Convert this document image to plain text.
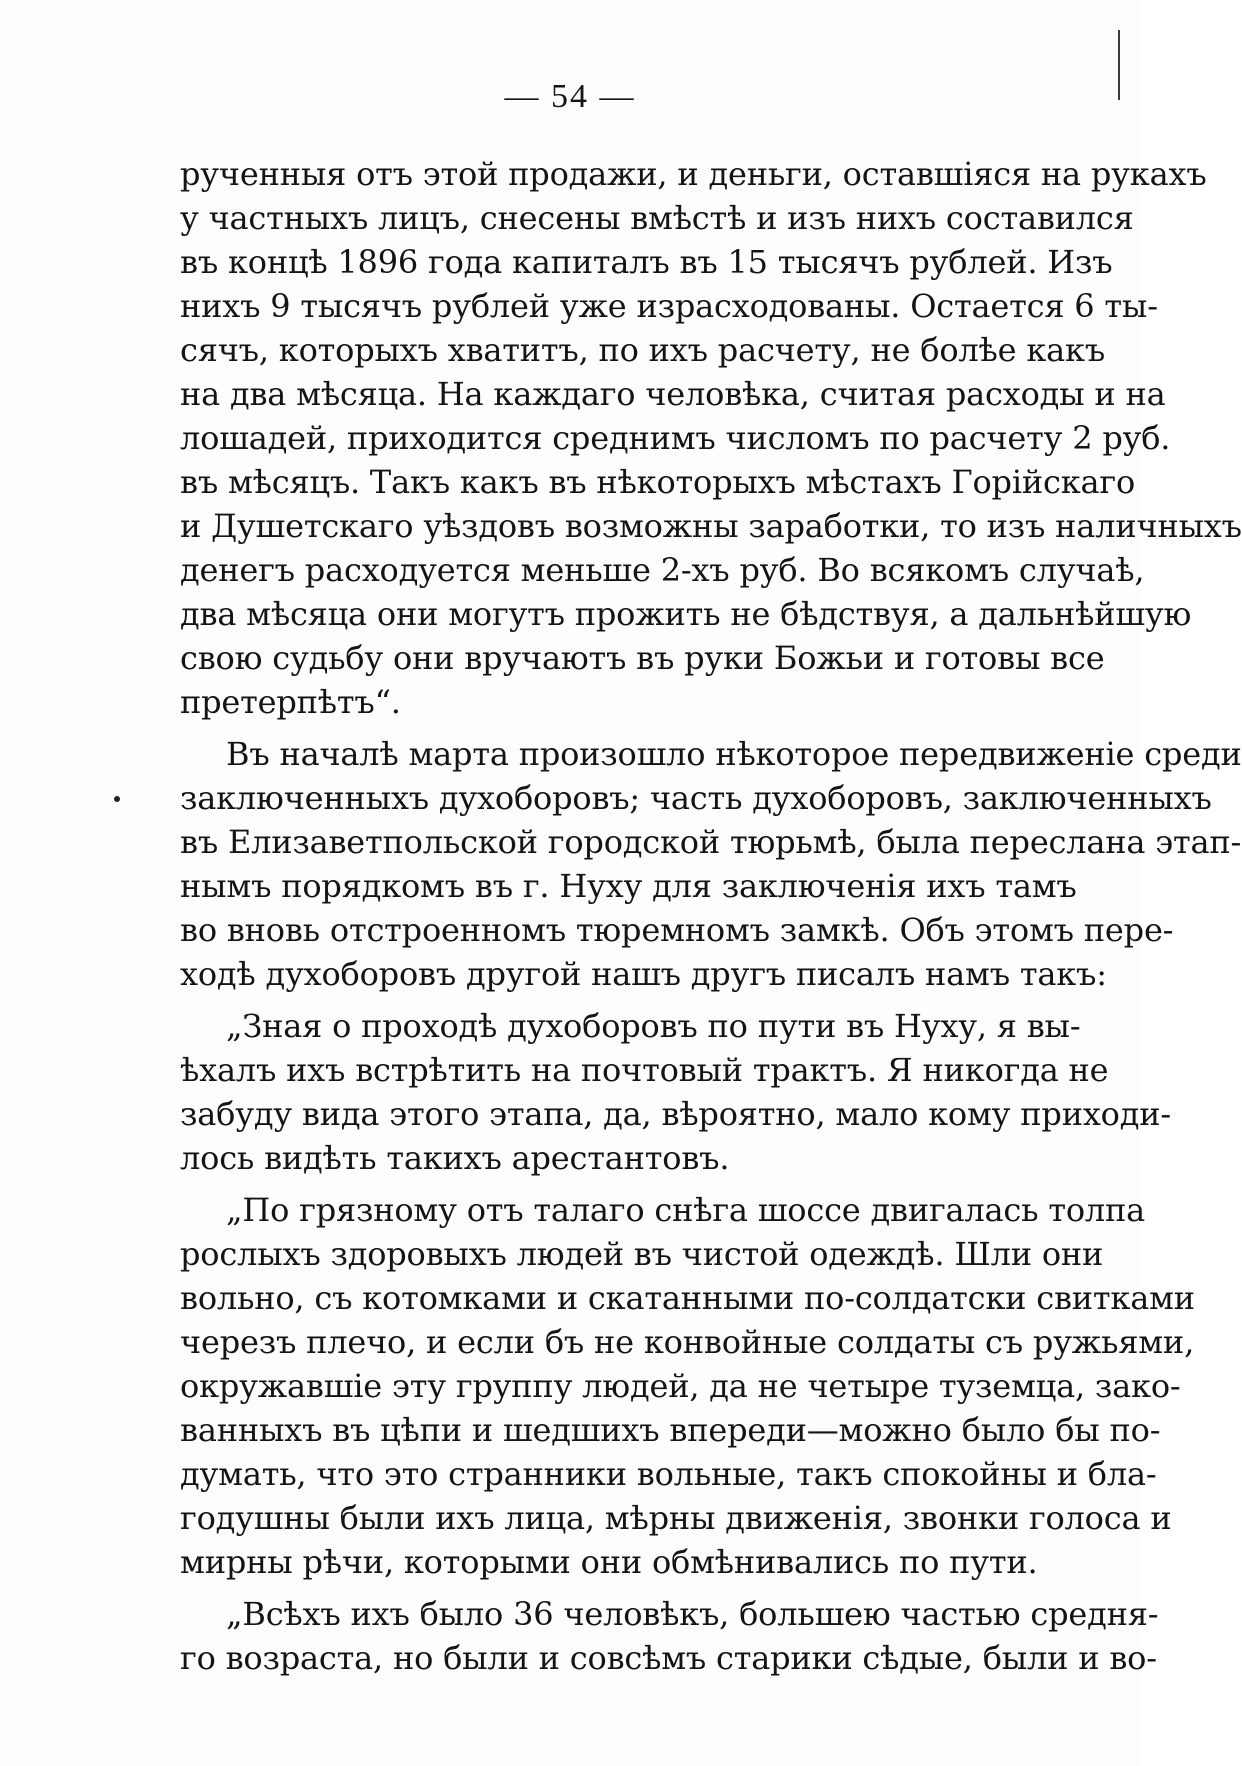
— 54 —
рученныя отъ этой продажи, и деньги, оставшіяся на рукахъ
у частныхъ лицъ, снесены вмѣстѣ и изъ нихъ составился
въ концѣ 1896 года капиталъ въ 15 тысячъ рублей. Изъ
нихъ 9 тысячъ рублей уже израсходованы. Остается 6 ты-
сячъ, которыхъ хватитъ, по ихъ расчету, не болѣе какъ
на два мѣсяца. На каждаго человѣка, считая расходы и на
лошадей, приходится среднимъ числомъ по расчету 2 руб.
въ мѣсяцъ. Такъ какъ въ нѣкоторыхъ мѣстахъ Горійскаго
и Душетскаго уѣздовъ возможны заработки, то изъ наличныхъ
денегъ расходуется меньше 2-хъ руб. Во всякомъ случаѣ,
два мѣсяца они могутъ прожить не бѣдствуя, а дальнѣйшую
свою судьбу они вручаютъ въ руки Божьи и готовы все
претерпѣтъ“.
Въ началѣ марта произошло нѣкоторое передвиженіе среди
заключенныхъ духоборовъ; часть духоборовъ, заключенныхъ
въ Елизаветпольской городской тюрьмѣ, была переслана этап-
нымъ порядкомъ въ г. Нуху для заключенія ихъ тамъ
во вновь отстроенномъ тюремномъ замкѣ. Объ этомъ пере-
ходѣ духоборовъ другой нашъ другъ писалъ намъ такъ:
„Зная о проходѣ духоборовъ по пути въ Нуху, я вы-
ѣхалъ ихъ встрѣтить на почтовый трактъ. Я никогда не
забуду вида этого этапа, да, вѣроятно, мало кому приходи-
лось видѣть такихъ арестантовъ.
„По грязному отъ талаго снѣга шоссе двигалась толпа
рослыхъ здоровыхъ людей въ чистой одеждѣ. Шли они
вольно, съ котомками и скатанными по-солдатски свитками
черезъ плечо, и если бъ не конвойные солдаты съ ружьями,
окружавшіе эту группу людей, да не четыре туземца, зако-
ванныхъ въ цѣпи и шедшихъ впереди—можно было бы по-
думать, что это странники вольные, такъ спокойны и бла-
годушны были ихъ лица, мѣрны движенія, звонки голоса и
мирны рѣчи, которыми они обмѣнивались по пути.
„Всѣхъ ихъ было 36 человѣкъ, большею частью средня-
го возраста, но были и совсѣмъ старики сѣдые, были и во-
